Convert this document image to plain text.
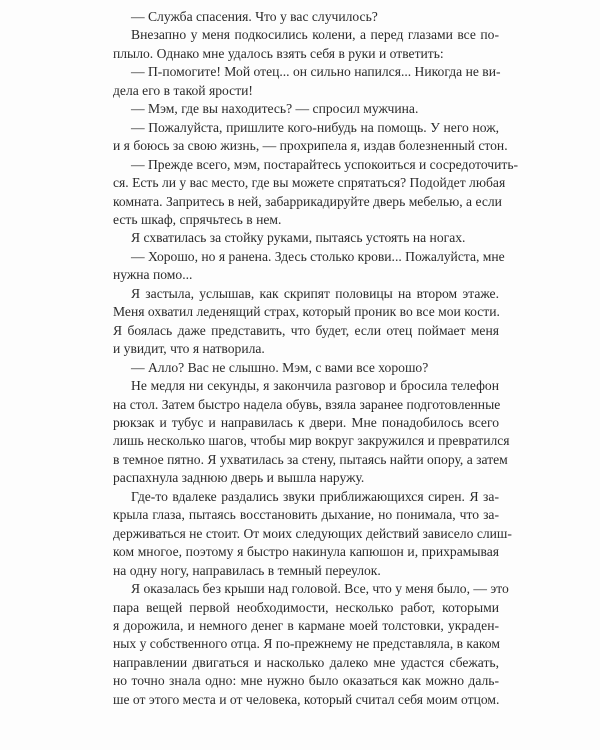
— Служба спасения. Что у вас случилось?

Внезапно у меня подкосились колени, а перед глазами все по-
плыло. Однако мне удалось взять себя в руки и ответить:

— П-помогите! Мой отец... он сильно напился... Никогда не ви-
дела его в такой ярости!

— Мэм, где вы находитесь? — спросил мужчина.

— Пожалуйста, пришлите кого-нибудь на помощь. У него нож,
и я боюсь за свою жизнь, — прохрипела я, издав болезненный стон.

— Прежде всего, мэм, постарайтесь успокоиться и сосредоточить-
ся. Есть ли у вас место, где вы можете спрятаться? Подойдет любая
комната. Запритесь в ней, забаррикадируйте дверь мебелью, а если
есть шкаф, спрячьтесь в нем.

Я схватилась за стойку руками, пытаясь устоять на ногах.

— Хорошо, но я ранена. Здесь столько крови... Пожалуйста, мне
нужна помо...

Я застыла, услышав, как скрипят половицы на втором этаже.
Меня охватил леденящий страх, который проник во все мои кости.
Я боялась даже представить, что будет, если отец поймает меня
и увидит, что я натворила.

— Алло? Вас не слышно. Мэм, с вами все хорошо?

Не медля ни секунды, я закончила разговор и бросила телефон
на стол. Затем быстро надела обувь, взяла заранее подготовленные
рюкзак и тубус и направилась к двери. Мне понадобилось всего
лишь несколько шагов, чтобы мир вокруг закружился и превратился
в темное пятно. Я ухватилась за стену, пытаясь найти опору, а затем
распахнула заднюю дверь и вышла наружу.

Где-то вдалеке раздались звуки приближающихся сирен. Я за-
крыла глаза, пытаясь восстановить дыхание, но понимала, что за-
держиваться не стоит. От моих следующих действий зависело слиш-
ком многое, поэтому я быстро накинула капюшон и, прихрамывая
на одну ногу, направилась в темный переулок.

Я оказалась без крыши над головой. Все, что у меня было, — это
пара вещей первой необходимости, несколько работ, которыми
я дорожила, и немного денег в кармане моей толстовки, украден-
ных у собственного отца. Я по-прежнему не представляла, в каком
направлении двигаться и насколько далеко мне удастся сбежать,
но точно знала одно: мне нужно было оказаться как можно даль-
ше от этого места и от человека, который считал себя моим отцом.
